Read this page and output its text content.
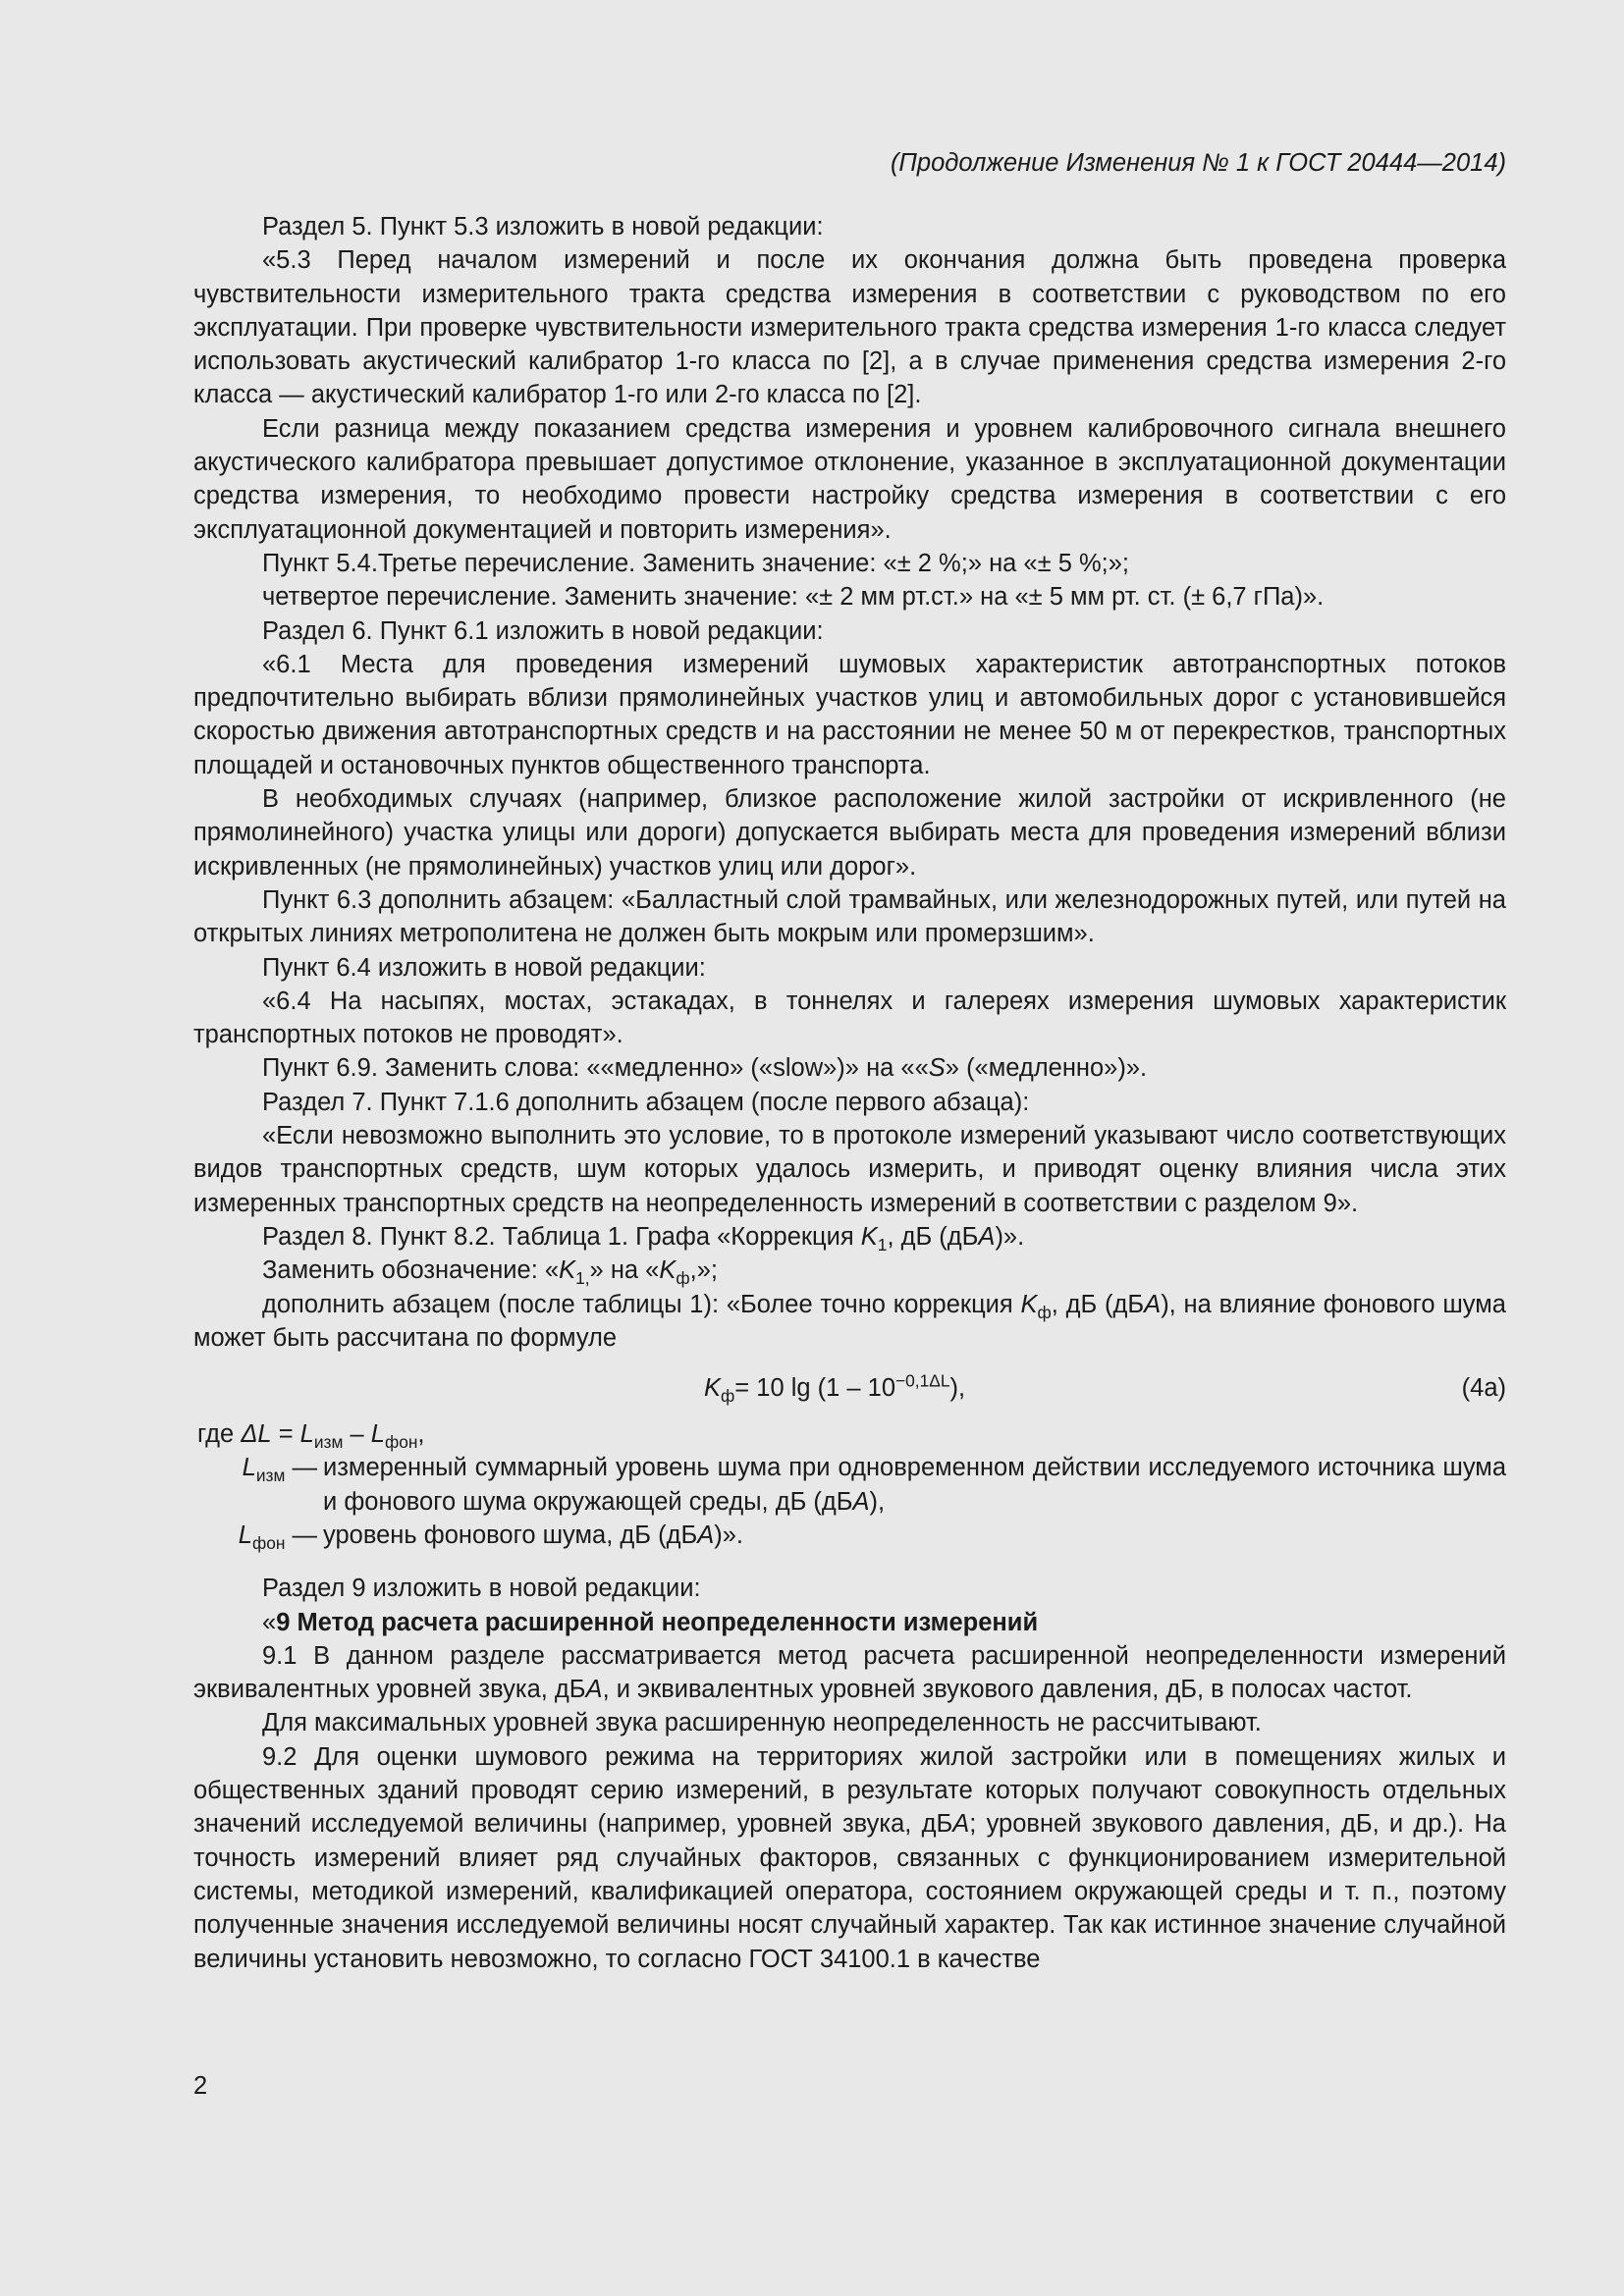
(Продолжение Изменения № 1 к ГОСТ 20444—2014)

Раздел 5. Пункт 5.3 изложить в новой редакции:

«5.3 Перед началом измерений и после их окончания должна быть проведена проверка чувствительности измерительного тракта средства измерения в соответствии с руководством по его эксплуатации. При проверке чувствительности измерительного тракта средства измерения 1-го класса следует использовать акустический калибратор 1-го класса по [2], а в случае применения средства измерения 2-го класса — акустический калибратор 1-го или 2-го класса по [2].

Если разница между показанием средства измерения и уровнем калибровочного сигнала внешнего акустического калибратора превышает допустимое отклонение, указанное в эксплуатационной документации средства измерения, то необходимо провести настройку средства измерения в соответствии с его эксплуатационной документацией и повторить измерения».

Пункт 5.4.Третье перечисление. Заменить значение: «± 2 %;» на «± 5 %;»;

четвертое перечисление. Заменить значение: «± 2 мм рт.ст.» на «± 5 мм рт. ст. (± 6,7 гПа)».

Раздел 6. Пункт 6.1 изложить в новой редакции:

«6.1 Места для проведения измерений шумовых характеристик автотранспортных потоков предпочтительно выбирать вблизи прямолинейных участков улиц и автомобильных дорог с установившейся скоростью движения автотранспортных средств и на расстоянии не менее 50 м от перекрестков, транспортных площадей и остановочных пунктов общественного транспорта.

В необходимых случаях (например, близкое расположение жилой застройки от искривленного (не прямолинейного) участка улицы или дороги) допускается выбирать места для проведения измерений вблизи искривленных (не прямолинейных) участков улиц или дорог».

Пункт 6.3 дополнить абзацем: «Балластный слой трамвайных, или железнодорожных путей, или путей на открытых линиях метрополитена не должен быть мокрым или промерзшим».

Пункт 6.4 изложить в новой редакции:

«6.4 На насыпях, мостах, эстакадах, в тоннелях и галереях измерения шумовых характеристик транспортных потоков не проводят».

Пункт 6.9. Заменить слова: ««медленно» («slow»)» на ««S» («медленно»)».

Раздел 7. Пункт 7.1.6 дополнить абзацем (после первого абзаца):

«Если невозможно выполнить это условие, то в протоколе измерений указывают число соответствующих видов транспортных средств, шум которых удалось измерить, и приводят оценку влияния числа этих измеренных транспортных средств на неопределенность измерений в соответствии с разделом 9».

Раздел 8. Пункт 8.2. Таблица 1. Графа «Коррекция $K_1$, дБ (дБA)».

Заменить обозначение: «$K_{1,}$» на «$K_ф$,»;

дополнить абзацем (после таблицы 1): «Более точно коррекция $K_ф$, дБ (дБA), на влияние фонового шума может быть рассчитана по формуле

$K_ф= 10$ $\lg (1 - 10^{-0,1\Delta L})$,	(4а)
где $\Delta L = L_{изм} - L_{фон}$,
$L_{изм}$ — измеренный суммарный уровень шума при одновременном действии исследуемого источника шума и фонового шума окружающей среды, дБ (дБA),
$L_{фон}$ — уровень фонового шума, дБ (дБA)».

Раздел 9 изложить в новой редакции:

«9 Метод расчета расширенной неопределенности измерений

9.1 В данном разделе рассматривается метод расчета расширенной неопределенности измерений эквивалентных уровней звука, дБA, и эквивалентных уровней звукового давления, дБ, в полосах частот.

Для максимальных уровней звука расширенную неопределенность не рассчитывают.

9.2 Для оценки шумового режима на территориях жилой застройки или в помещениях жилых и общественных зданий проводят серию измерений, в результате которых получают совокупность отдельных значений исследуемой величины (например, уровней звука, дБA; уровней звукового давления, дБ, и др.). На точность измерений влияет ряд случайных факторов, связанных с функционированием измерительной системы, методикой измерений, квалификацией оператора, состоянием окружающей среды и т. п., поэтому полученные значения исследуемой величины носят случайный характер. Так как истинное значение случайной величины установить невозможно, то согласно ГОСТ 34100.1 в качестве

2
